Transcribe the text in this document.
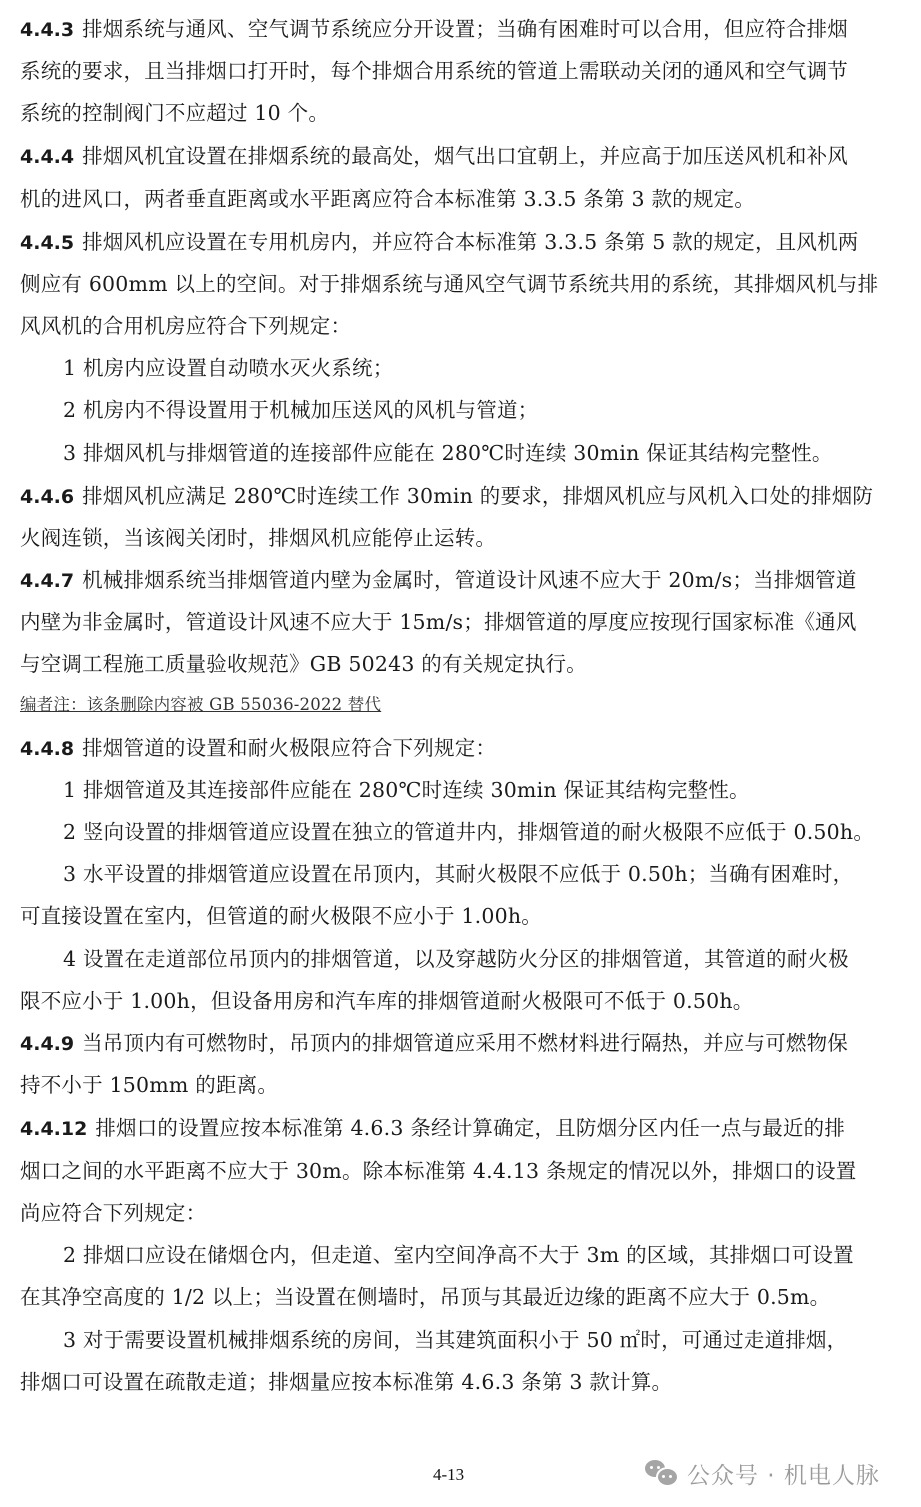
4.4.3 排烟系统与通风、空气调节系统应分开设置；当确有困难时可以合用，但应符合排烟
系统的要求，且当排烟口打开时，每个排烟合用系统的管道上需联动关闭的通风和空气调节
系统的控制阀门不应超过 10 个。
4.4.4 排烟风机宜设置在排烟系统的最高处，烟气出口宜朝上，并应高于加压送风机和补风
机的进风口，两者垂直距离或水平距离应符合本标准第 3.3.5 条第 3 款的规定。
4.4.5 排烟风机应设置在专用机房内，并应符合本标准第 3.3.5 条第 5 款的规定，且风机两
侧应有 600mm 以上的空间。对于排烟系统与通风空气调节系统共用的系统，其排烟风机与排
风风机的合用机房应符合下列规定：
1 机房内应设置自动喷水灭火系统；
2 机房内不得设置用于机械加压送风的风机与管道；
3 排烟风机与排烟管道的连接部件应能在 280℃时连续 30min 保证其结构完整性。
4.4.6 排烟风机应满足 280℃时连续工作 30min 的要求，排烟风机应与风机入口处的排烟防
火阀连锁，当该阀关闭时，排烟风机应能停止运转。
4.4.7 机械排烟系统当排烟管道内壁为金属时，管道设计风速不应大于 20m/s；当排烟管道
内壁为非金属时，管道设计风速不应大于 15m/s；排烟管道的厚度应按现行国家标准《通风
与空调工程施工质量验收规范》GB 50243 的有关规定执行。
编者注：该条删除内容被 GB 55036-2022 替代
4.4.8 排烟管道的设置和耐火极限应符合下列规定：
1 排烟管道及其连接部件应能在 280℃时连续 30min 保证其结构完整性。
2 竖向设置的排烟管道应设置在独立的管道井内，排烟管道的耐火极限不应低于 0.50h。
3 水平设置的排烟管道应设置在吊顶内，其耐火极限不应低于 0.50h；当确有困难时，
可直接设置在室内，但管道的耐火极限不应小于 1.00h。
4 设置在走道部位吊顶内的排烟管道，以及穿越防火分区的排烟管道，其管道的耐火极
限不应小于 1.00h，但设备用房和汽车库的排烟管道耐火极限可不低于 0.50h。
4.4.9 当吊顶内有可燃物时，吊顶内的排烟管道应采用不燃材料进行隔热，并应与可燃物保
持不小于 150mm 的距离。
4.4.12 排烟口的设置应按本标准第 4.6.3 条经计算确定，且防烟分区内任一点与最近的排
烟口之间的水平距离不应大于 30m。除本标准第 4.4.13 条规定的情况以外，排烟口的设置
尚应符合下列规定：
2 排烟口应设在储烟仓内，但走道、室内空间净高不大于 3m 的区域，其排烟口可设置
在其净空高度的 1/2 以上；当设置在侧墙时，吊顶与其最近边缘的距离不应大于 0.5m。
3 对于需要设置机械排烟系统的房间，当其建筑面积小于 50 ㎡时，可通过走道排烟，
排烟口可设置在疏散走道；排烟量应按本标准第 4.6.3 条第 3 款计算。
4-13	公众号 · 机电人脉
